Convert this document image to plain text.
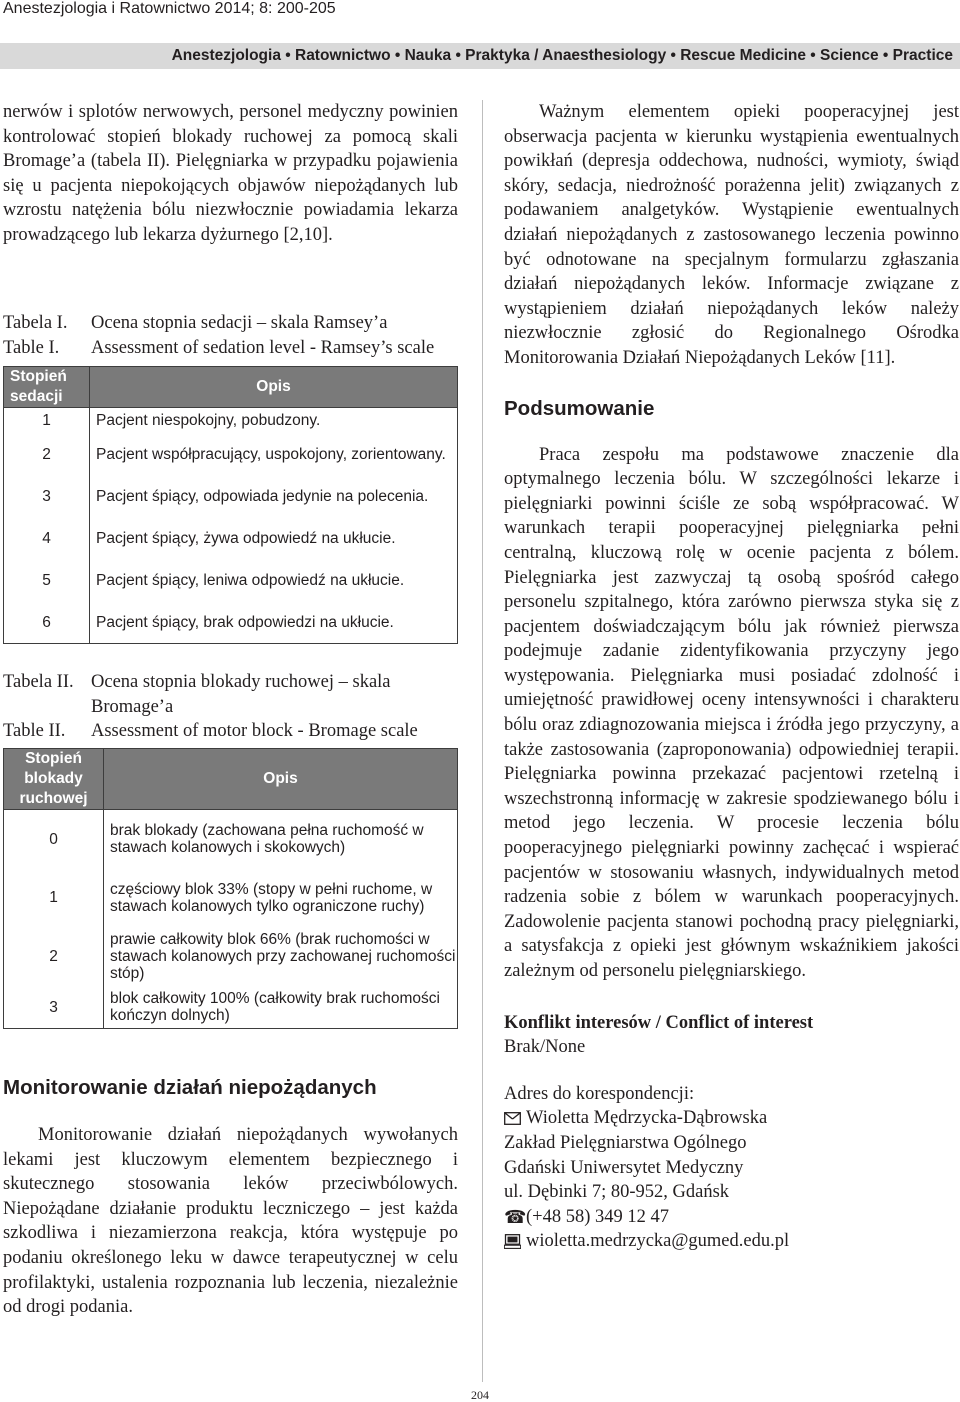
Anestezjologia i Ratownictwo 2014; 8: 200-205
Anestezjologia • Ratownictwo • Nauka • Praktyka / Anaesthesiology • Rescue Medicine • Science • Practice

nerwów i splotów nerwowych, personel medyczny powinien kontrolować stopień blokady ruchowej za pomocą skali Bromage’a (tabela II). Pielęgniarka w przypadku pojawienia się u pacjenta niepokojących objawów niepożądanych lub wzrostu natężenia bólu niezwłocznie powiadamia lekarza prowadzącego lub lekarza dyżurnego [2,10].

Tabela I.	Ocena stopnia sedacji – skala Ramsey’a
Table I.	Assessment of sedation level - Ramsey’s scale
Stopień sedacji	Opis
1	Pacjent niespokojny, pobudzony.
2	Pacjent współpracujący, uspokojony, zorientowany.
3	Pacjent śpiący, odpowiada jedynie na polecenia.
4	Pacjent śpiący, żywa odpowiedź na ukłucie.
5	Pacjent śpiący, leniwa odpowiedź na ukłucie.
6	Pacjent śpiący, brak odpowiedzi na ukłucie.
Tabela II. Ocena stopnia blokady ruchowej – skala Bromage’a
Table II.	Assessment of motor block - Bromage scale
Stopień blokady ruchowej	Opis
0	brak blokady (zachowana pełna ruchomość w stawach kolanowych i skokowych)
1	częściowy blok 33% (stopy w pełni ruchome, w stawach kolanowych tylko ograniczone ruchy)
2	prawie całkowity blok 66% (brak ruchomości w stawach kolanowych przy zachowanej ruchomości stóp)
3	blok całkowity 100% (całkowity brak ruchomości kończyn dolnych)
Monitorowanie działań niepożądanych

Monitorowanie działań niepożądanych wywołanych lekami jest kluczowym elementem bezpiecznego i skutecznego stosowania leków przeciwbólowych. Niepożądane działanie produktu leczniczego – jest każda szkodliwa i niezamierzona reakcja, która występuje po podaniu określonego leku w dawce terapeutycznej w celu profilaktyki, ustalenia rozpoznania lub leczenia, niezależnie od drogi podania.

Ważnym elementem opieki pooperacyjnej jest obserwacja pacjenta w kierunku wystąpienia ewentualnych powikłań (depresja oddechowa, nudności, wymioty, świąd skóry, sedacja, niedrożność porażenna jelit) związanych z podawaniem analgetyków. Wystąpienie ewentualnych działań niepożądanych z zastosowanego leczenia powinno być odnotowane na specjalnym formularzu zgłaszania działań niepożądanych leków. Informacje związane z wystąpieniem działań niepożądanych leków należy niezwłocznie zgłosić do Regionalnego Ośrodka Monitorowania Działań Niepożądanych Leków [11].

Podsumowanie

Praca zespołu ma podstawowe znaczenie dla optymalnego leczenia bólu. W szczególności lekarze i pielęgniarki powinni ściśle ze sobą współpracować. W warunkach terapii pooperacyjnej pielęgniarka pełni centralną, kluczową rolę w ocenie pacjenta z bólem. Pielęgniarka jest zazwyczaj tą osobą spośród całego personelu szpitalnego, która zarówno pierwsza styka się z pacjentem doświadczającym bólu jak również pierwsza podejmuje zadanie zidentyfikowania przyczyny jego występowania. Pielęgniarka musi posiadać zdolność i umiejętność prawidłowej oceny intensywności i charakteru bólu oraz zdiagnozowania miejsca i źródła jego przyczyny, a także zastosowania (zaproponowania) odpowiedniej terapii. Pielęgniarka powinna przekazać pacjentowi rzetelną i wszechstronną informację w zakresie spodziewanego bólu i metod jego leczenia. W procesie leczenia bólu pooperacyjnego pielęgniarki powinny zachęcać i wspierać pacjentów w stosowaniu własnych, indywidualnych metod radzenia sobie z bólem w warunkach pooperacyjnych. Zadowolenie pacjenta stanowi pochodną pracy pielęgniarki, a satysfakcja z opieki jest głównym wskaźnikiem jakości zależnym od personelu pielęgniarskiego.

Konflikt interesów / Conflict of interest
Brak/None
Adres do korespondencji:
Wioletta Mędrzycka-Dąbrowska
Zakład Pielęgniarstwa Ogólnego
Gdański Uniwersytet Medyczny
ul. Dębinki 7; 80-952, Gdańsk
☎ (+48 58) 349 12 47
wioletta.medrzycka@gumed.edu.pl
204
